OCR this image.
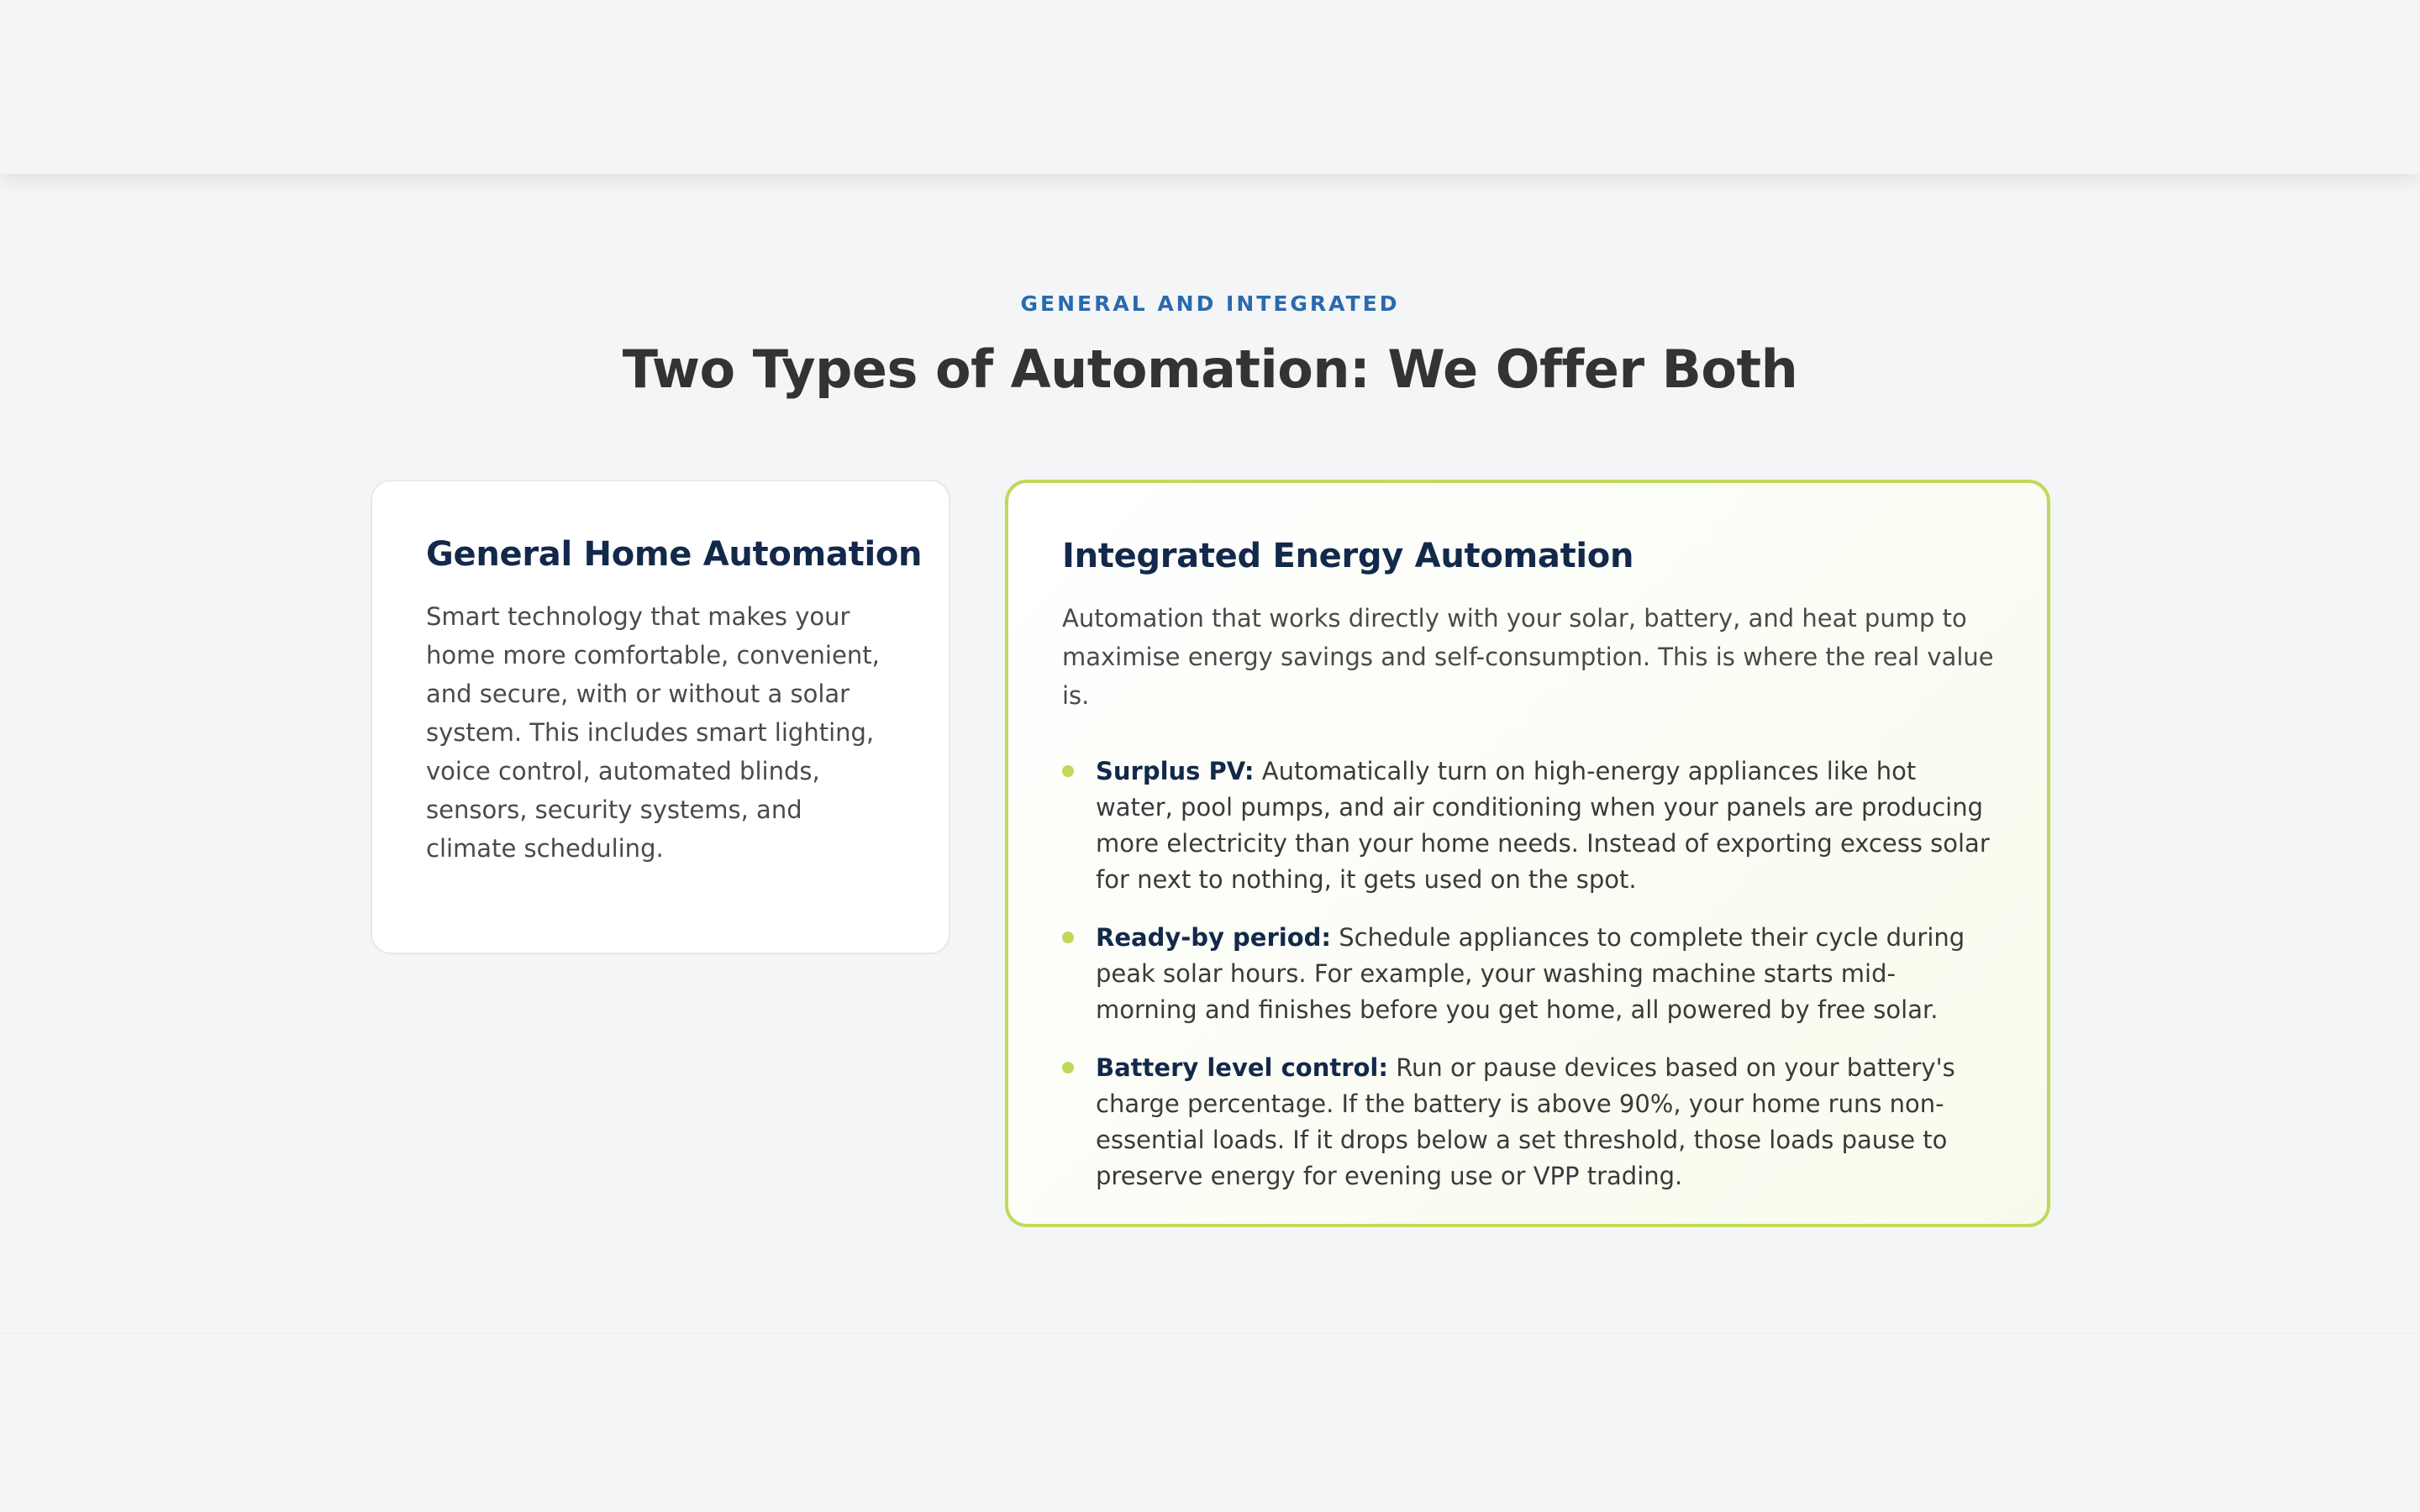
GENERAL AND INTEGRATED
Two Types of Automation: We Offer Both
General Home Automation

Smart technology that makes your home more comfortable, convenient, and secure, with or without a solar system. This includes smart lighting, voice control, automated blinds, sensors, security systems, and climate scheduling.

Integrated Energy Automation

Automation that works directly with your solar, battery, and heat pump to maximise energy savings and self-consumption. This is where the real value is.

Surplus PV: Automatically turn on high-energy appliances like hot water, pool pumps, and air conditioning when your panels are producing more electricity than your home needs. Instead of exporting excess solar for next to nothing, it gets used on the spot.
Ready-by period: Schedule appliances to complete their cycle during peak solar hours. For example, your washing machine starts mid-morning and finishes before you get home, all powered by free solar.
Battery level control: Run or pause devices based on your battery's charge percentage. If the battery is above 90%, your home runs non-essential loads. If it drops below a set threshold, those loads pause to preserve energy for evening use or VPP trading.
